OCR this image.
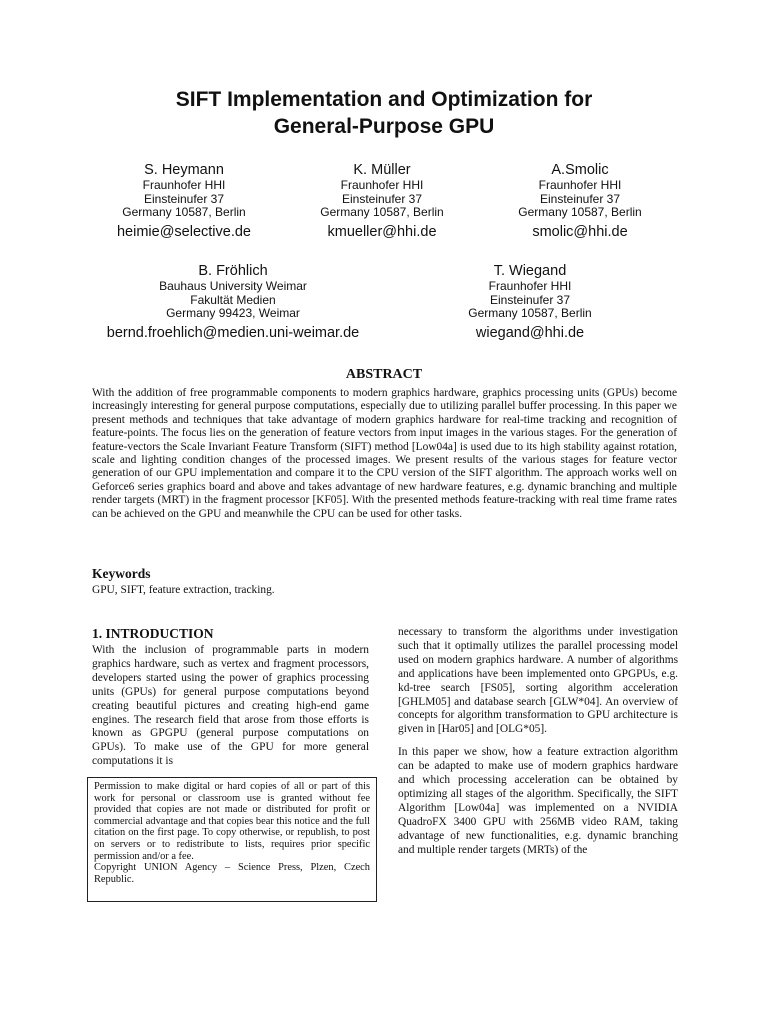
SIFT Implementation and Optimization for
General-Purpose GPU
S. Heymann
Fraunhofer HHI
Einsteinufer 37
Germany 10587, Berlin
heimie@selective.de
K. Müller
Fraunhofer HHI
Einsteinufer 37
Germany 10587, Berlin
kmueller@hhi.de
A.Smolic
Fraunhofer HHI
Einsteinufer 37
Germany 10587, Berlin
smolic@hhi.de
B. Fröhlich
Bauhaus University Weimar
Fakultät Medien
Germany 99423, Weimar
bernd.froehlich@medien.uni-weimar.de
T. Wiegand
Fraunhofer HHI
Einsteinufer 37
Germany 10587, Berlin
wiegand@hhi.de
ABSTRACT
With the addition of free programmable components to modern graphics hardware, graphics processing units (GPUs) become increasingly interesting for general purpose computations, especially due to utilizing parallel buffer processing. In this paper we present methods and techniques that take advantage of modern graphics hardware for real-time tracking and recognition of feature-points. The focus lies on the generation of feature vectors from input images in the various stages. For the generation of feature-vectors the Scale Invariant Feature Transform (SIFT) method [Low04a] is used due to its high stability against rotation, scale and lighting condition changes of the processed images. We present results of the various stages for feature vector generation of our GPU implementation and compare it to the CPU version of the SIFT algorithm. The approach works well on Geforce6 series graphics board and above and takes advantage of new hardware features, e.g. dynamic branching and multiple render targets (MRT) in the fragment processor [KF05]. With the presented methods feature-tracking with real time frame rates can be achieved on the GPU and meanwhile the CPU can be used for other tasks.
Keywords
GPU, SIFT, feature extraction, tracking.
1. INTRODUCTION

With the inclusion of programmable parts in modern graphics hardware, such as vertex and fragment processors, developers started using the power of graphics processing units (GPUs) for general purpose computations beyond creating beautiful pictures and creating high-end game engines. The research field that arose from those efforts is known as GPGPU (general purpose computations on GPUs). To make use of the GPU for more general computations it is

necessary to transform the algorithms under investigation such that it optimally utilizes the parallel processing model used on modern graphics hardware. A number of algorithms and applications have been implemented onto GPGPUs, e.g. kd-tree search [FS05], sorting algorithm acceleration [GHLM05] and database search [GLW*04]. An overview of concepts for algorithm transformation to GPU architecture is given in [Har05] and [OLG*05].

In this paper we show, how a feature extraction algorithm can be adapted to make use of modern graphics hardware and which processing acceleration can be obtained by optimizing all stages of the algorithm. Specifically, the SIFT Algorithm [Low04a] was implemented on a NVIDIA QuadroFX 3400 GPU with 256MB video RAM, taking advantage of new functionalities, e.g. dynamic branching and multiple render targets (MRTs) of the

Permission to make digital or hard copies of all or part of this work for personal or classroom use is granted without fee provided that copies are not made or distributed for profit or commercial advantage and that copies bear this notice and the full citation on the first page. To copy otherwise, or republish, to post on servers or to redistribute to lists, requires prior specific permission and/or a fee.
Copyright UNION Agency – Science Press, Plzen, Czech Republic.
